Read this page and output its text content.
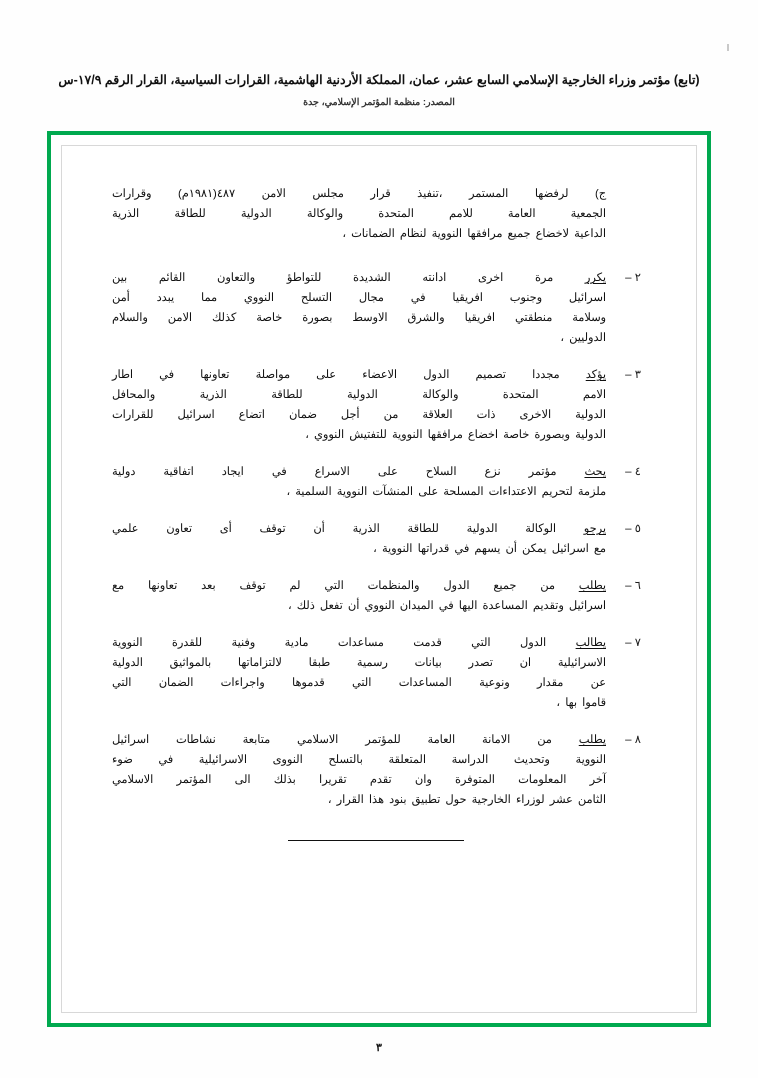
(تابع) مؤتمر وزراء الخارجية الإسلامي السابع عشر، عمان، المملكة الأردنية الهاشمية، القرارات السياسية، القرار الرقم ١٧/٩-س
المصدر: منظمة المؤتمر الإسلامي، جدة
ج) لرفضها المستمر ،تنفيذ قرار مجلس الامن ٤٨٧(١٩٨١م) وقرارات
الجمعية العامة للامم المتحدة والوكالة الدولية للطاقة الذرية
الداعية لاخضاع جميع مرافقها النووية لنظام الضمانات ،
٢ –
يكرر مرة اخرى ادانته الشديدة للتواطؤ والتعاون القائم بين
اسرائيل وجنوب افريقيا في مجال التسلح النووي مما يبدد أمن
وسلامة منطقتي افريقيا والشرق الاوسط بصورة خاصة كذلك الامن والسلام
الدوليين ،
٣ –
يؤكد مجددا تصميم الدول الاعضاء على مواصلة تعاونها في اطار
الامم المتحدة والوكالة الدولية للطاقة الذرية والمحافل
الدولية الاخرى ذات العلاقة من أجل ضمان اتضاع اسرائيل للقرارات
الدولية وبصورة خاصة اخضاع مرافقها النووية للتفتيش النووي ،
٤ –
يحث مؤتمر نزع السلاح على الاسراع في ايجاد اتفاقية دولية
ملزمة لتحريم الاعتداءات المسلحة على المنشآت النووية السلمية ،
٥ –
يرجو الوكالة الدولية للطاقة الذرية أن توقف أى تعاون علمي
مع اسرائيل يمكن أن يسهم في قدراتها النووية ،
٦ –
يطلب من جميع الدول والمنظمات التي لم توقف بعد تعاونها مع
اسرائيل وتقديم المساعدة اليها في الميدان النووي أن تفعل ذلك ،
٧ –
يطالب الدول التي قدمت مساعدات مادية وفنية للقدرة النووية
الاسرائيلية ان تصدر بيانات رسمية طبقا لالتزاماتها بالمواثيق الدولية
عن مقدار ونوعية المساعدات التي قدموها واجراءات الضمان التي
قاموا بها ،
٨ –
يطلب من الامانة العامة للمؤتمر الاسلامي متابعة نشاطات اسرائيل
النووية وتحديث الدراسة المتعلقة بالتسلح النووى الاسرائيلية في ضوء
آخر المعلومات المتوفرة وان تقدم تقريرا بذلك الى المؤتمر الاسلامي
الثامن عشر لوزراء الخارجية حول تطبيق بنود هذا القرار ،
٣
